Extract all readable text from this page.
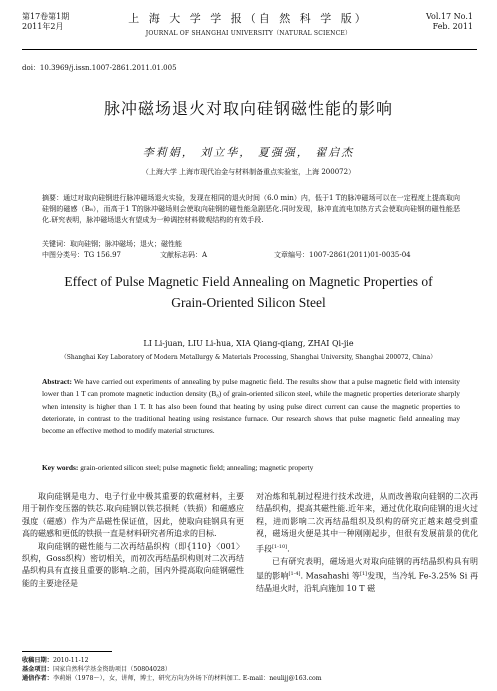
第17卷第1期
2011年2月
上 海 大 学 学 报（自 然 科 学 版）
JOURNAL OF SHANGHAI UNIVERSITY（NATURAL SCIENCE）
Vol.17 No.1
Feb. 2011
doi：10.3969/j.issn.1007-2861.2011.01.005
脉冲磁场退火对取向硅钢磁性能的影响
李莉娟， 刘立华， 夏强强， 翟启杰
（上海大学 上海市现代冶金与材料制备重点实验室，上海 200072）
摘要：通过对取向硅钢进行脉冲磁场退火实验，发现在相同的退火时间（6.0 min）内，低于1 T的脉冲磁场可以在一定程度上提高取向硅钢的磁感（B₈），而高于1 T的脉冲磁场则会使取向硅钢的磁性能急剧恶化.同时发现，脉冲直流电加热方式会使取向硅钢的磁性能恶化.研究表明，脉冲磁场退火有望成为一种调控材料微观结构的有效手段.
关键词：取向硅钢；脉冲磁场；退火；磁性能
中图分类号：TG 156.97	文献标志码：A	文章编号：1007-2861(2011)01-0035-04
Effect of Pulse Magnetic Field Annealing on Magnetic Properties of
Grain-Oriented Silicon Steel
LI Li-juan, LIU Li-hua, XIA Qiang-qiang, ZHAI Qi-jie
（Shanghai Key Laboratory of Modern Metallurgy & Materials Processing, Shanghai University, Shanghai 200072, China）
Abstract: We have carried out experiments of annealing by pulse magnetic field. The results show that a pulse magnetic field with intensity lower than 1 T can promote magnetic induction density (B₈) of grain-oriented silicon steel, while the magnetic properties deteriorate sharply when intensity is higher than 1 T. It has also been found that heating by using pulse direct current can cause the magnetic properties to deteriorate, in contrast to the traditional heating using resistance furnace. Our research shows that pulse magnetic field annealing may become an effective method to modify material structures.
Key words: grain-oriented silicon steel; pulse magnetic field; annealing; magnetic property

取向硅钢是电力、电子行业中极其重要的软磁材料，主要用于制作变压器的铁芯.取向硅钢以铁芯损耗（铁损）和磁感应强度（磁感）作为产品磁性保证值，因此，使取向硅钢具有更高的磁感和更低的铁损一直是材料研究者所追求的目标.

取向硅钢的磁性能与二次再结晶织构（即{110}〈001〉织构，Goss织构）密切相关，而初次再结晶织构则对二次再结晶织构具有直接且重要的影响.之前，国内外提高取向硅钢磁性能的主要途径是

对冶炼和轧制过程进行技术改进，从而改善取向硅钢的二次再结晶织构，提高其磁性能.近年来，通过优化取向硅钢的退火过程，进而影响二次再结晶组织及织构的研究正越来越受到重视，磁场退火便是其中一种刚刚起步，但很有发展前景的优化手段[1-10].

已有研究表明，磁场退火对取向硅钢的再结晶织构具有明显的影响[1-4]. Masahashi 等[1]发现，当冷轧 Fe-3.25% Si 再结晶退火时，沿轧向施加 10 T 磁

收稿日期：2010-11-12
基金项目：国家自然科学基金资助项目（50804028）
通信作者：李莉娟（1978～），女，讲师，博士，研究方向为外场下的材料加工. E-mail：neulijj@163.com
